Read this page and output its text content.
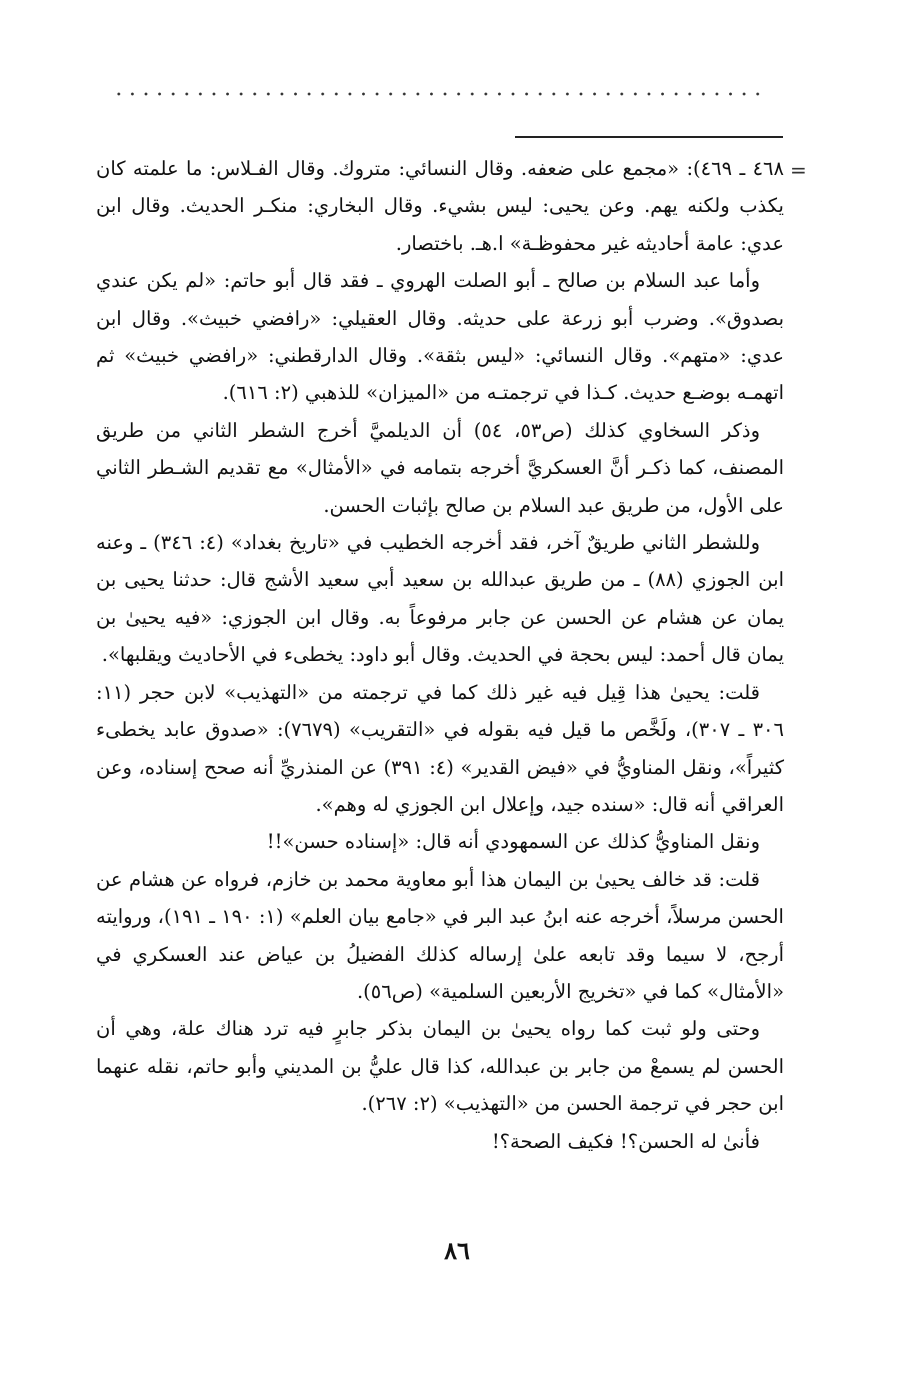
=

٤٦٨ ـ ٤٦٩): «مجمع على ضعفه. وقال النسائي: متروك. وقال الفـلاس: ما علمته كان يكذب ولكنه يهم. وعن يحيى: ليس بشيء. وقال البخاري: منكـر الحديث. وقال ابن عدي: عامة أحاديثه غير محفوظـة» ا.هـ. باختصار.

وأما عبد السلام بن صالح ـ أبو الصلت الهروي ـ فقد قال أبو حاتم: «لم يكن عندي بصدوق». وضرب أبو زرعة على حديثه. وقال العقيلي: «رافضي خبيث». وقال ابن عدي: «متهم». وقال النسائي: «ليس بثقة». وقال الدارقطني: «رافضي خبيث» ثم اتهمـه بوضـع حديث. كـذا في ترجمتـه من «الميزان» للذهبي (٢: ٦١٦).

وذكر السخاوي كذلك (ص٥٣، ٥٤) أن الديلميَّ أخرج الشطر الثاني من طريق المصنف، كما ذكـر أنَّ العسكريَّ أخرجه بتمامه في «الأمثال» مع تقديم الشـطر الثاني على الأول، من طريق عبد السلام بن صالح بإثبات الحسن.

وللشطر الثاني طريقٌ آخر، فقد أخرجه الخطيب في «تاريخ بغداد» (٤: ٣٤٦) ـ وعنه ابن الجوزي (٨٨) ـ من طريق عبدالله بن سعيد أبي سعيد الأشج قال: حدثنا يحيى بن يمان عن هشام عن الحسن عن جابر مرفوعاً به. وقال ابن الجوزي: «فيه يحيىٰ بن يمان قال أحمد: ليس بحجة في الحديث. وقال أبو داود: يخطىء في الأحاديث ويقلبها».

قلت: يحيىٰ هذا قِيل فيه غير ذلك كما في ترجمته من «التهذيب» لابن حجر (١١: ٣٠٦ ـ ٣٠٧)، ولَخَّص ما قيل فيه بقوله في «التقريب» (٧٦٧٩): «صدوق عابد يخطىء كثيراً»، ونقل المناويُّ في «فيض القدير» (٤: ٣٩١) عن المنذريِّ أنه صحح إسناده، وعن العراقي أنه قال: «سنده جيد، وإعلال ابن الجوزي له وهم».

ونقل المناويُّ كذلك عن السمهودي أنه قال: «إسناده حسن»!!

قلت: قد خالف يحيىٰ بن اليمان هذا أبو معاوية محمد بن خازم، فرواه عن هشام عن الحسن مرسلاً، أخرجه عنه ابنُ عبد البر في «جامع بيان العلم» (١: ١٩٠ ـ ١٩١)، وروايته أرجح، لا سيما وقد تابعه علىٰ إرساله كذلك الفضيلُ بن عياض عند العسكري في «الأمثال» كما في «تخريج الأربعين السلمية» (ص٥٦).

وحتى ولو ثبت كما رواه يحيىٰ بن اليمان بذكر جابرٍ فيه ترد هناك علة، وهي أن الحسن لم يسمعْ من جابر بن عبدالله، كذا قال عليُّ بن المديني وأبو حاتم، نقله عنهما ابن حجر في ترجمة الحسن من «التهذيب» (٢: ٢٦٧).

فأنىٰ له الحسن؟! فكيف الصحة؟!

٨٦
